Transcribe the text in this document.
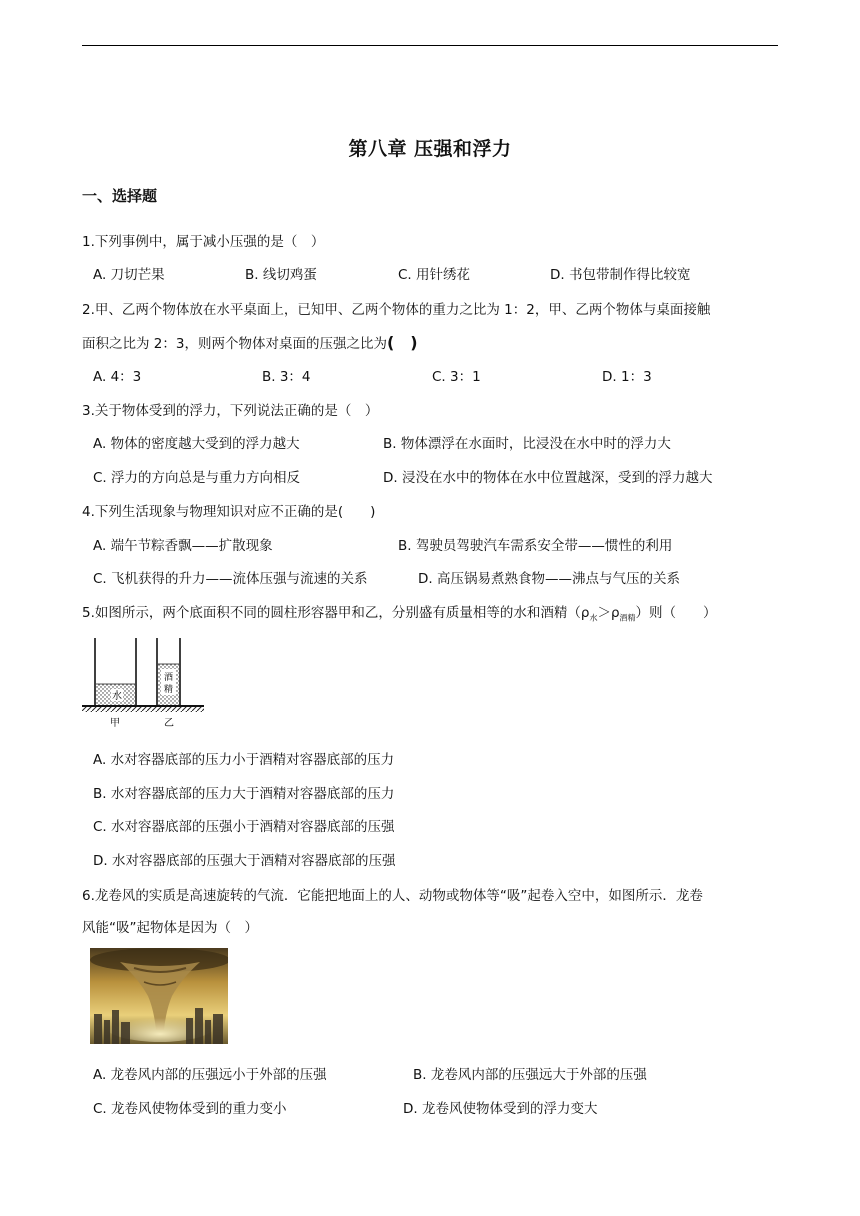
第八章 压强和浮力
一、选择题
1.下列事例中，属于减小压强的是（　）
A. 刀切芒果	B. 线切鸡蛋	C. 用针绣花	D. 书包带制作得比较宽
2.甲、乙两个物体放在水平桌面上，已知甲、乙两个物体的重力之比为 1：2，甲、乙两个物体与桌面接触
面积之比为 2：3，则两个物体对桌面的压强之比为(　)
A. 4：3	B. 3：4	C. 3：1	D. 1：3
3.关于物体受到的浮力，下列说法正确的是（　）
A. 物体的密度越大受到的浮力越大	B. 物体漂浮在水面时，比浸没在水中时的浮力大
C. 浮力的方向总是与重力方向相反	D. 浸没在水中的物体在水中位置越深，受到的浮力越大
4.下列生活现象与物理知识对应不正确的是(　　)
A. 端午节粽香飘——扩散现象	B. 驾驶员驾驶汽车需系安全带——惯性的利用
C. 飞机获得的升力——流体压强与流速的关系	D. 高压锅易煮熟食物——沸点与气压的关系
5.如图所示，两个底面积不同的圆柱形容器甲和乙，分别盛有质量相等的水和酒精$(\rho_水>\rho_{酒精})$则（　　）
水
酒
精
甲	乙
A. 水对容器底部的压力小于酒精对容器底部的压力
B. 水对容器底部的压力大于酒精对容器底部的压力
C. 水对容器底部的压强小于酒精对容器底部的压强
D. 水对容器底部的压强大于酒精对容器底部的压强
6.龙卷风的实质是高速旋转的气流．它能把地面上的人、动物或物体等“吸”起卷入空中，如图所示．龙卷
风能“吸”起物体是因为（　）
A. 龙卷风内部的压强远小于外部的压强	B. 龙卷风内部的压强远大于外部的压强
C. 龙卷风使物体受到的重力变小	D. 龙卷风使物体受到的浮力变大
